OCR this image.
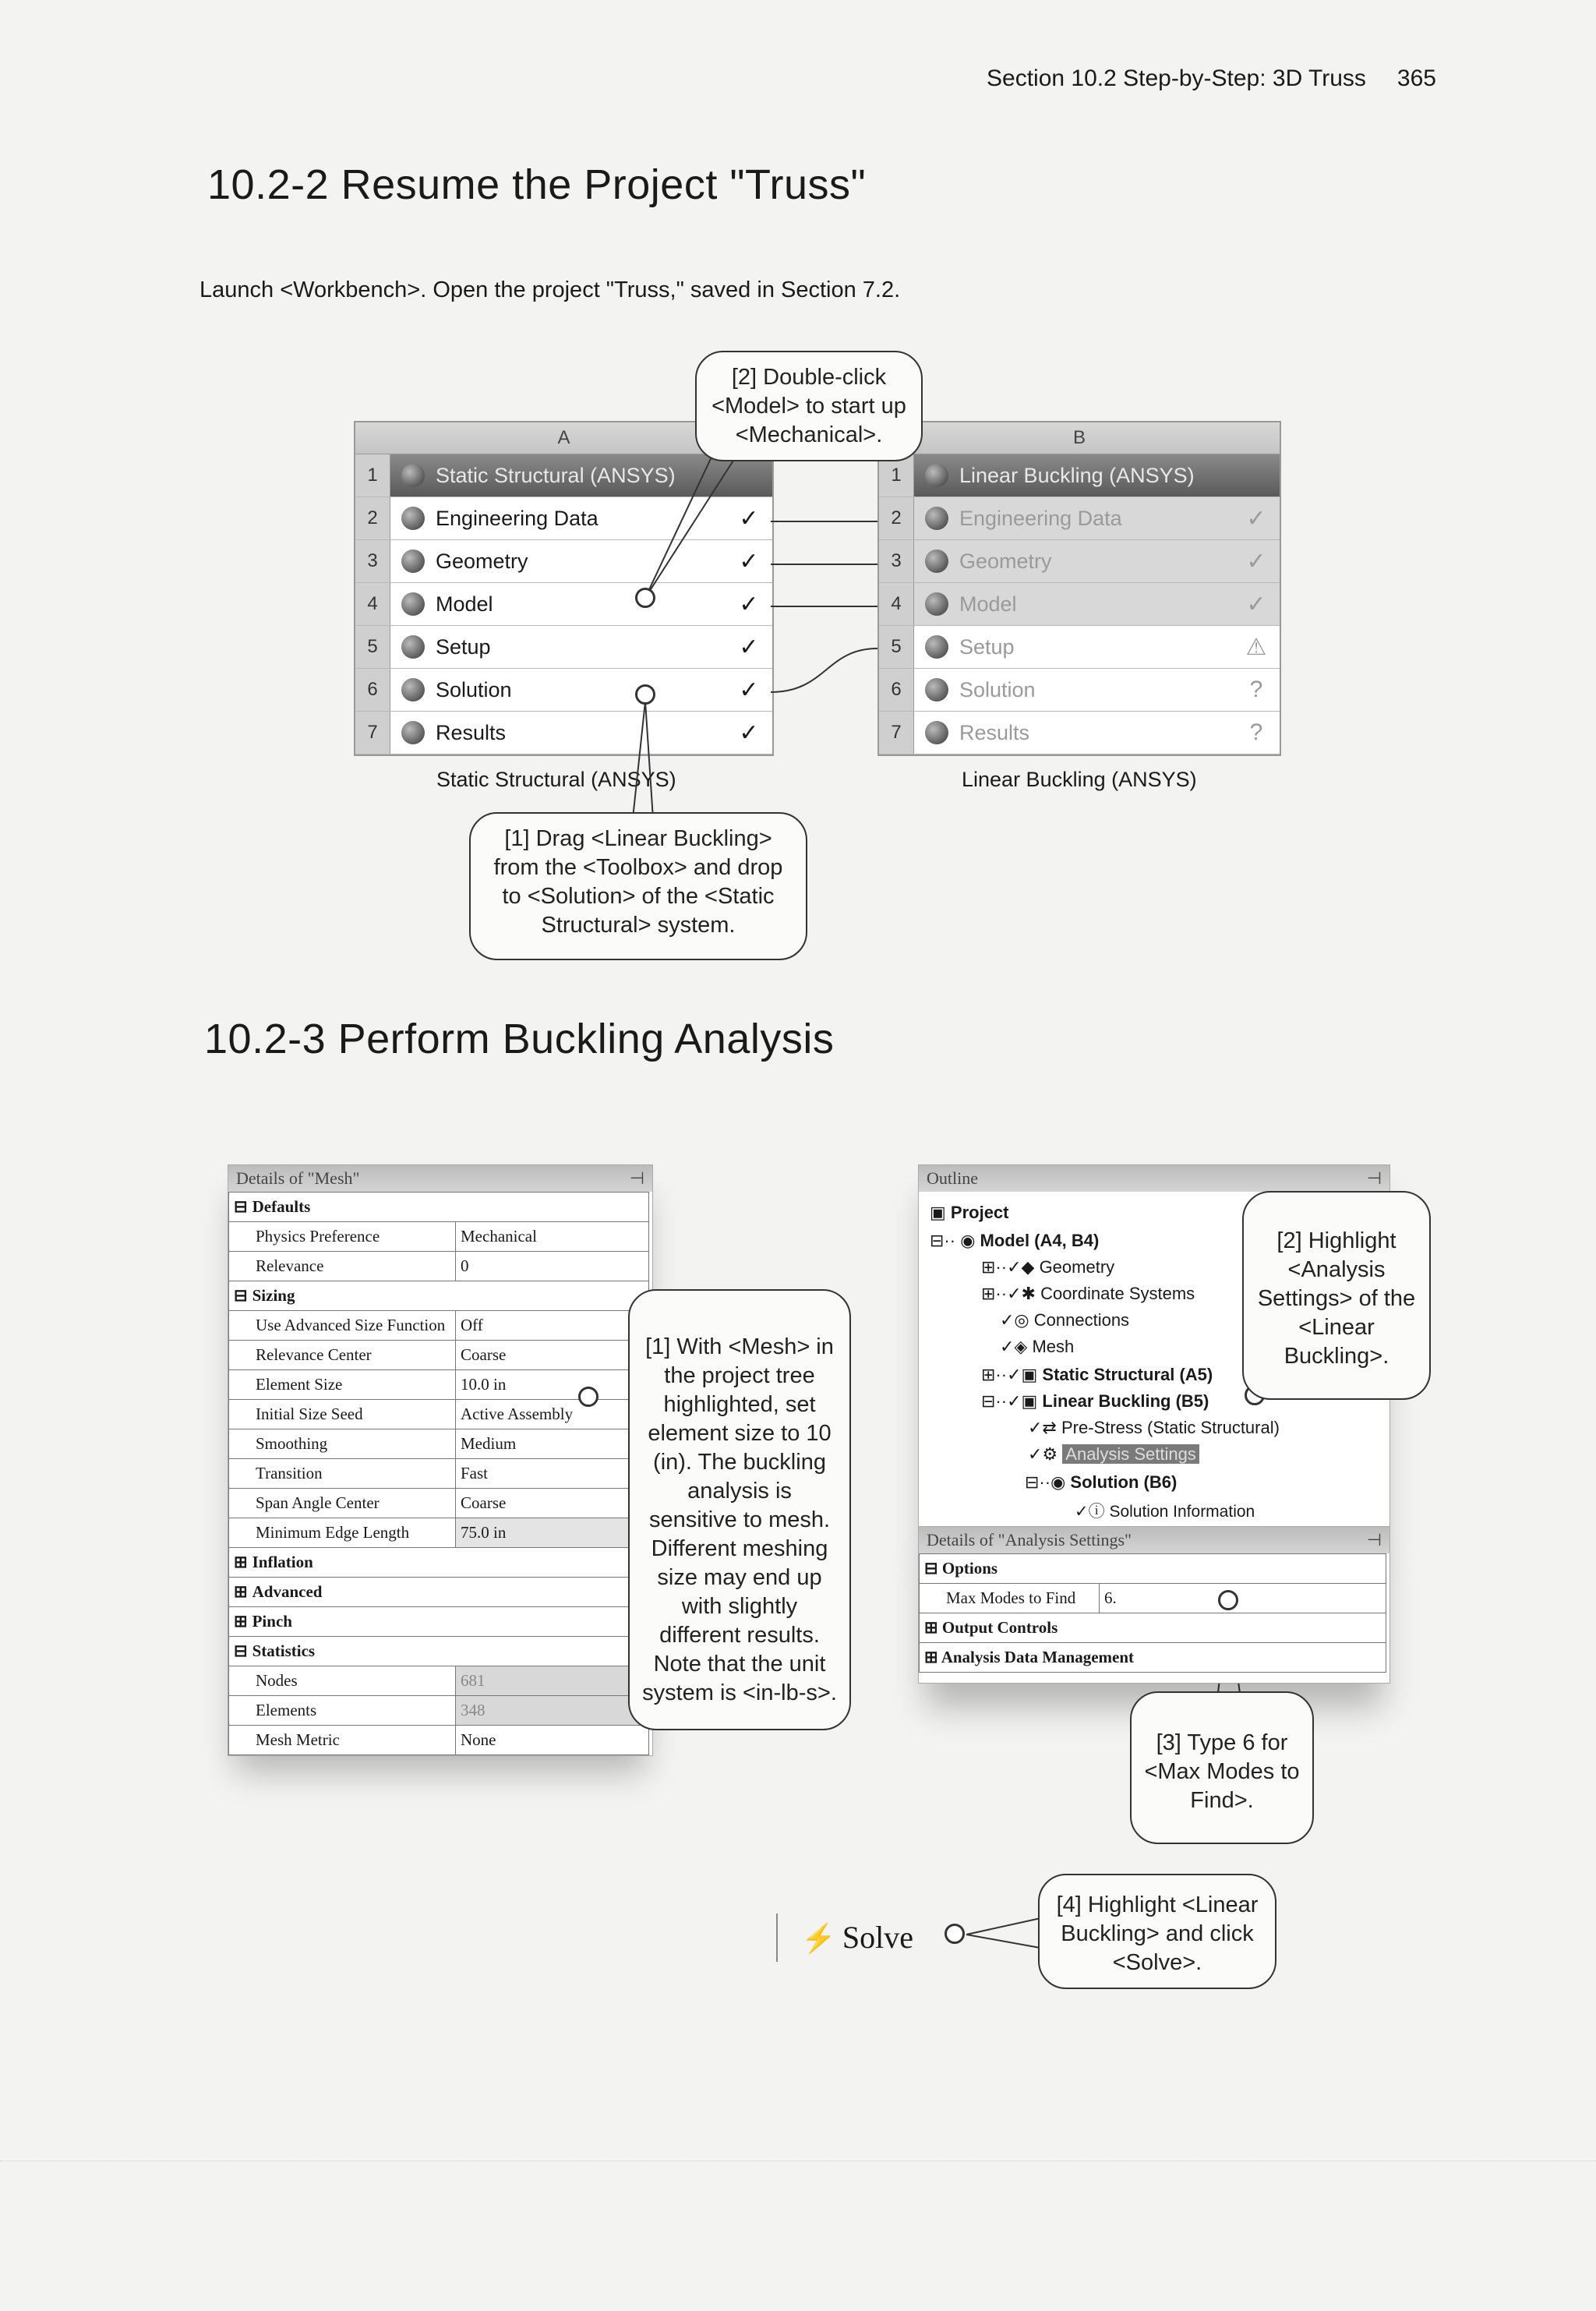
Section 10.2 Step-by-Step: 3D Truss 365
10.2-2 Resume the Project "Truss"
Launch <Workbench>. Open the project "Truss," saved in Section 7.2.
A
1	Static Structural (ANSYS)
2	Engineering Data	✓
3	Geometry	✓
4	Model	✓
5	Setup	✓
6	Solution	✓
7	Results	✓
Static Structural (ANSYS)
B
1	Linear Buckling (ANSYS)
2	Engineering Data	✓
3	Geometry	✓
4	Model	✓
5	Setup	⚠
6	Solution	?
7	Results	?
Linear Buckling (ANSYS)
[2] Double-click <Model> to start up <Mechanical>.
[1] Drag <Linear Buckling> from the <Toolbox> and drop to <Solution> of the <Static Structural> system.
10.2-3 Perform Buckling Analysis
Details of "Mesh"	⊣
⊟ Defaults	
Physics Preference	Mechanical
Relevance	0
⊟ Sizing	
Use Advanced Size Function	Off
Relevance Center	Coarse
Element Size	10.0 in
Initial Size Seed	Active Assembly
Smoothing	Medium
Transition	Fast
Span Angle Center	Coarse
Minimum Edge Length	75.0 in
⊞ Inflation	
⊞ Advanced	
⊞ Pinch	
⊟ Statistics	
Nodes	681
Elements	348
Mesh Metric	None
[1] With <Mesh> in the project tree highlighted, set element size to 10 (in). The buckling analysis is sensitive to mesh. Different meshing size may end up with slightly different results. Note that the unit system is <in-lb-s>.
Outline	⊣
▣ Project
⊟·· ◉ Model (A4, B4)
⊞··✓◆ Geometry
⊞··✓✱ Coordinate Systems
✓◎ Connections
✓◈ Mesh
⊞··✓▣ Static Structural (A5)
⊟··✓▣ Linear Buckling (B5)
✓⇄ Pre-Stress (Static Structural)
✓⚙ Analysis Settings
⊟··◉ Solution (B6)
✓ⓘ Solution Information
Details of "Analysis Settings"	⊣
⊟ Options
Max Modes to Find	6.
⊞ Output Controls
⊞ Analysis Data Management
[2] Highlight <Analysis Settings> of the <Linear Buckling>.
[3] Type 6 for <Max Modes to Find>.
⚡ Solve
[4] Highlight <Linear Buckling> and click <Solve>.
